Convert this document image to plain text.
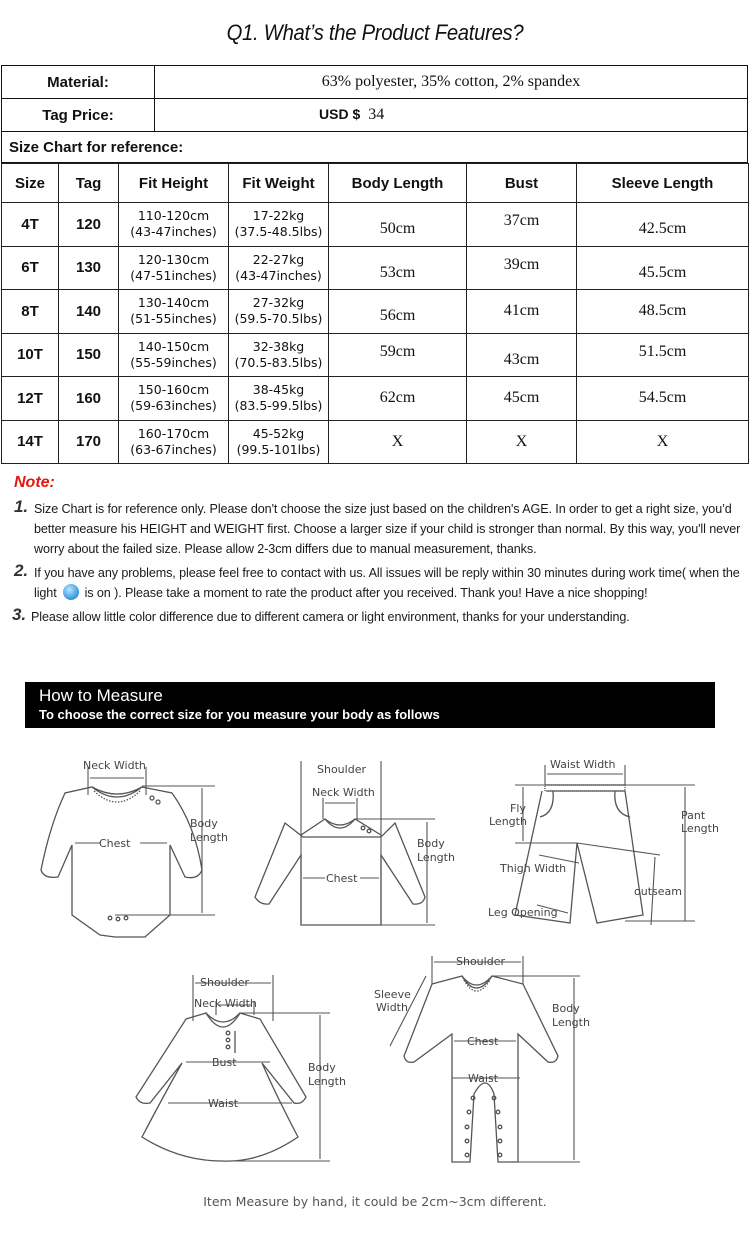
Q1. What’s the Product Features?
Material:	63% polyester, 35% cotton, 2% spandex
Tag Price:	USD $ 34
Size Chart for reference:	
Size	Tag	Fit Height	Fit Weight	Body Length	Bust	Sleeve Length
4T	120	110-120cm
(43-47inches)

17-22kg
(37.5-48.5lbs)	50cm	37cm	42.5cm
6T	130	120-130cm
(47-51inches)

22-27kg
(43-47inches)	53cm	39cm	45.5cm
8T	140	130-140cm
(51-55inches)

27-32kg
(59.5-70.5lbs)	56cm	41cm	48.5cm
10T	150	140-150cm
(55-59inches)

32-38kg
(70.5-83.5lbs)
	59cm	43cm	51.5cm
12T	160	150-160cm
(59-63inches)

38-45kg
(83.5-99.5lbs)	62cm	45cm	54.5cm
14T	170	160-170cm
(63-67inches)

45-52kg
(99.5-101lbs)	X	X	X
Note:
1. Size Chart is for reference only. Please don't choose the size just based on the children's AGE. In order to get a right size, you’d better measure his HEIGHT and WEIGHT first. Choose a larger size if your child is stronger than normal. By this way, you'll never worry about the failed size. Please allow 2-3cm differs due to manual measurement, thanks.
2. If you have any problems, please feel free to contact with us. All issues will be reply within 30 minutes during work time( when the light is on ). Please take a moment to rate the product after you received. Thank you! Have a nice shopping!
3. Please allow little color difference due to different camera or light environment, thanks for your understanding.
How to Measure
To choose the correct size for you measure your body as follows
Neck Width
Chest
Body
Length
Shoulder
Neck Width
Chest
Body
Length
Waist Width
Fly
Length	Pant
Length
Thigh Width
outseam
Leg Opening
Shoulder
Neck Width
Bust
Waist
Body
Length
Shoulder
Sleeve
Width
Chest
Waist
Body
Length
Item Measure by hand, it could be 2cm~3cm different.
